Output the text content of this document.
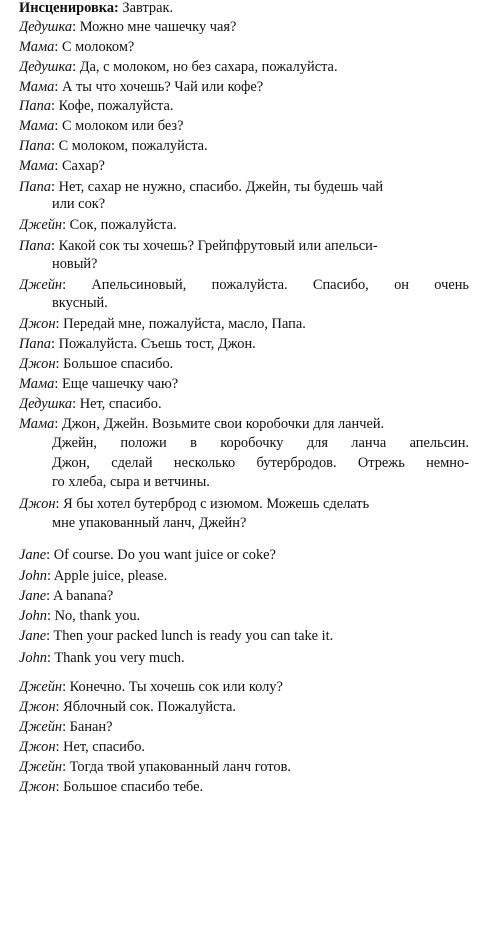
Инсценировка: Завтрак.
Дедушка: Можно мне чашечку чая?
Мама: С молоком?
Дедушка: Да, с молоком, но без сахара, пожалуйста.
Мама: А ты что хочешь? Чай или кофе?
Папа: Кофе, пожалуйста.
Мама: С молоком или без?
Папа: С молоком, пожалуйста.
Мама: Сахар?
Папа: Нет, сахар не нужно, спасибо. Джейн, ты будешь чай
или сок?
Джейн: Сок, пожалуйста.
Папа: Какой сок ты хочешь? Грейпфрутовый или апельси-
новый?
Джейн: Апельсиновый, пожалуйста. Спасибо, он очень
вкусный.
Джон: Передай мне, пожалуйста, масло, Папа.
Папа: Пожалуйста. Съешь тост, Джон.
Джон: Большое спасибо.
Мама: Еще чашечку чаю?
Дедушка: Нет, спасибо.
Мама: Джон, Джейн. Возьмите свои коробочки для ланчей.
Джейн, положи в коробочку для ланча апельсин.
Джон, сделай несколько бутербродов. Отрежь немно-
го хлеба, сыра и ветчины.
Джон: Я бы хотел бутерброд с изюмом. Можешь сделать
мне упакованный ланч, Джейн?
Jane: Of course. Do you want juice or coke?
John: Apple juice, please.
Jane: A banana?
John: No, thank you.
Jane: Then your packed lunch is ready you can take it.
John: Thank you very much.
Джейн: Конечно. Ты хочешь сок или колу?
Джон: Яблочный сок. Пожалуйста.
Джейн: Банан?
Джон: Нет, спасибо.
Джейн: Тогда твой упакованный ланч готов.
Джон: Большое спасибо тебе.
